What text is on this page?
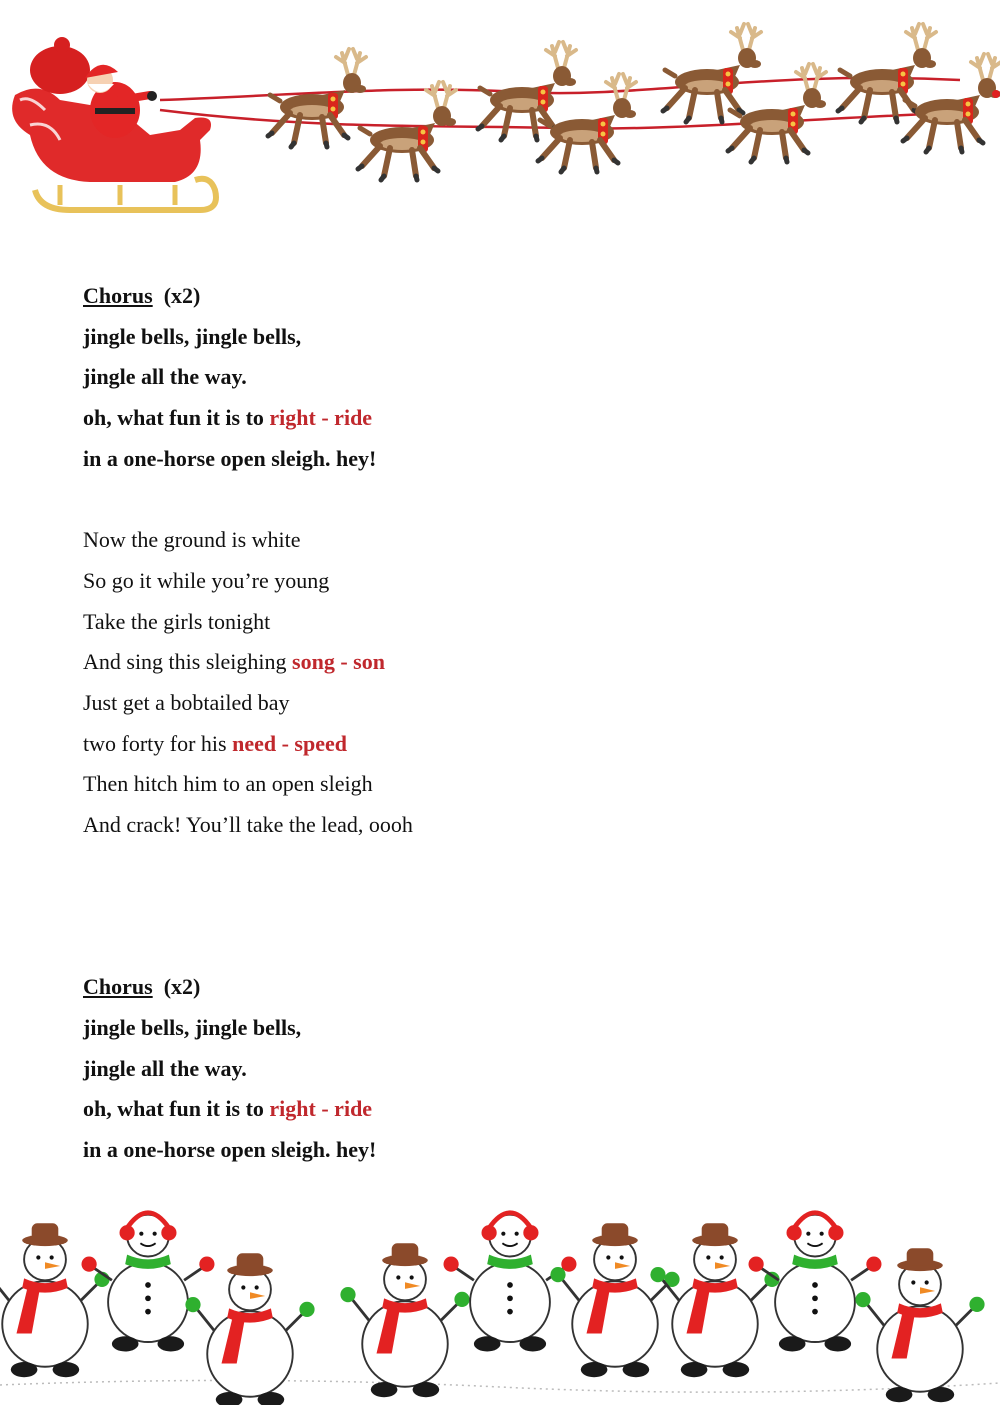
Chorus (x2)
jingle bells, jingle bells,
jingle all the way.
oh, what fun it is to right - ride
in a one-horse open sleigh. hey!
Now the ground is white
So go it while you’re young
Take the girls tonight
And sing this sleighing song - son
Just get a bobtailed bay
two forty for his need - speed
Then hitch him to an open sleigh
And crack! You’ll take the lead, oooh
Chorus (x2)
jingle bells, jingle bells,
jingle all the way.
oh, what fun it is to right - ride
in a one-horse open sleigh. hey!
